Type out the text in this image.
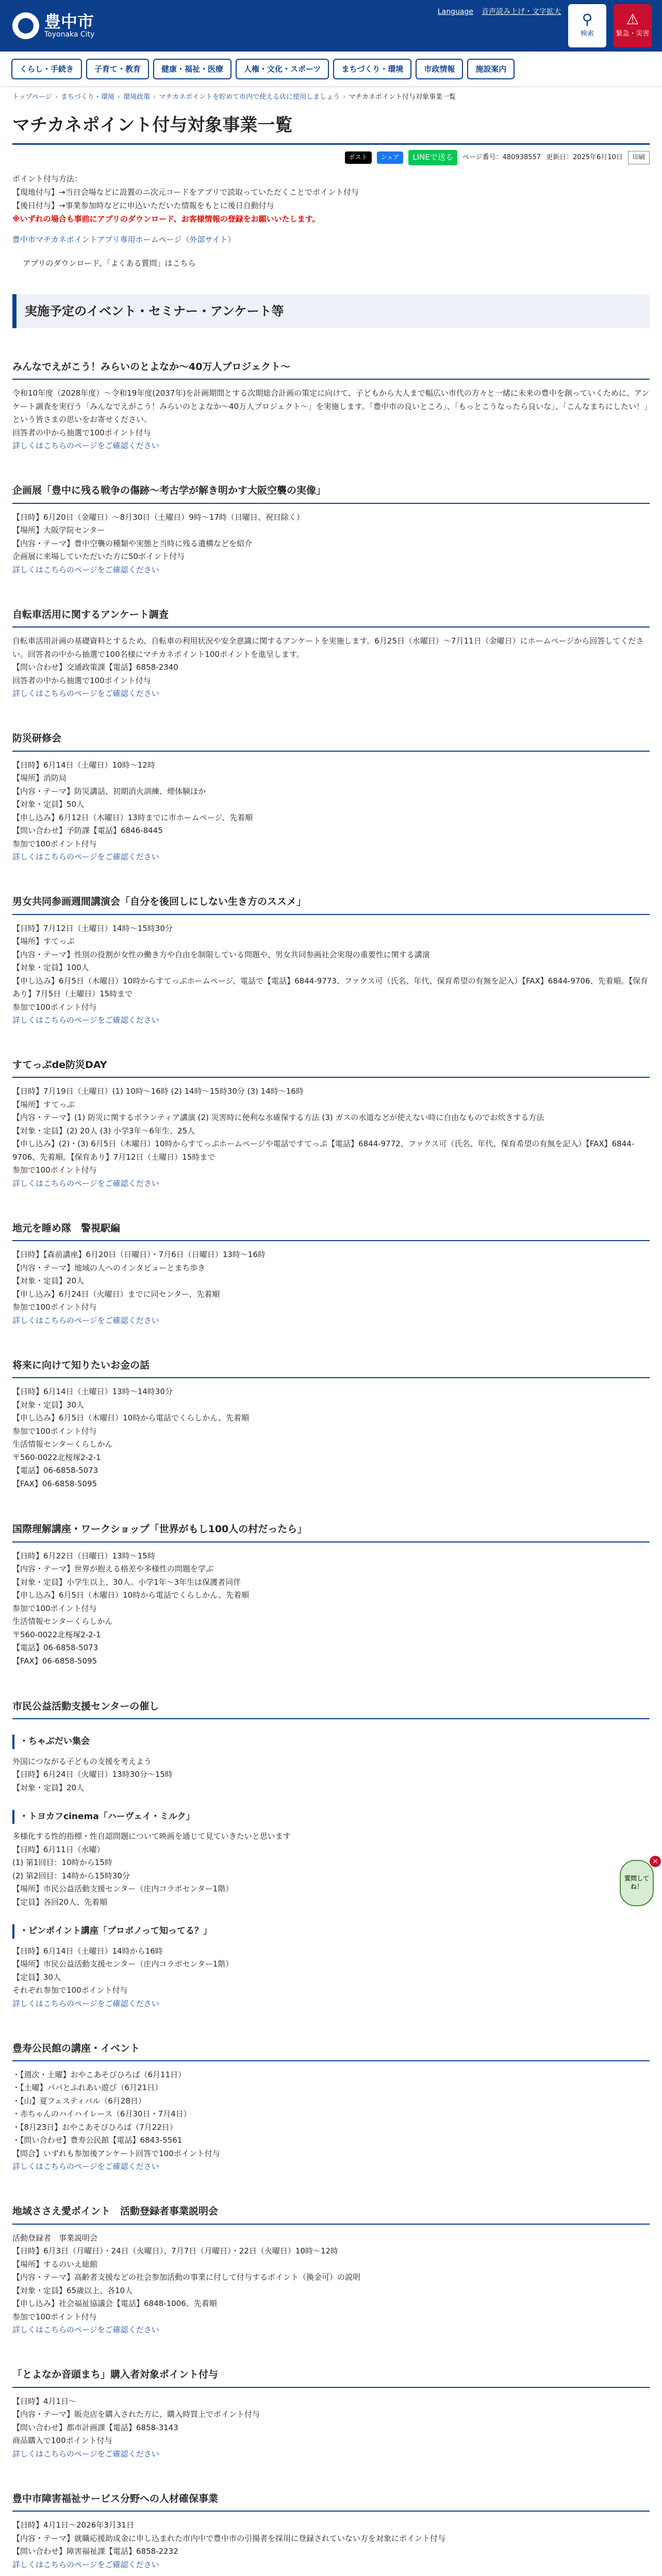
豊中市
Toyonaka City
Language 音声読み上げ・文字拡大 ⚲
検索
⚠
緊急・災害
くらし・手続き	子育て・教育	健康・福祉・医療	人権・文化・スポーツ	まちづくり・環境	市政情報	施設案内
トップページ › まちづくり・環境 › 環境政策 › マチカネポイントを貯めて市内で使える店に使用しましょう › マチカネポイント付与対象事業一覧
マチカネポイント付与対象事業一覧
ポスト	シェア	LINEで送る	ページ番号：480938557 更新日：2025年6月10日	印刷

ポイント付与方法：

【現地付与】→当日会場などに設置のニ次元コードをアプリで読取っていただくことでポイント付与

【後日付与】→事業参加時などに申込いただいた情報をもとに後日自動付与

※いずれの場合も事前にアプリのダウンロード、お客様情報の登録をお願いいたします。

豊中市マチカネポイントアプリ専用ホームページ（外部サイト）

アプリのダウンロード、「よくある質問」はこちら

実施予定のイベント・セミナー・アンケート等
みんなでえがこう！みらいのとよなか〜40万人プロジェクト〜

令和10年度（2028年度）〜令和19年度(2037年)を計画期間とする次期総合計画の策定に向けて、子どもから大人まで幅広い市代の方々と一緒に未来の豊中を創っていくために、アンケート調査を実行う「みんなでえがこう！みらいのとよなか〜40万人プロジェクト〜」を実施します。「豊中市の良いところ」、「もっとこうなったら良いな」、「こんなまちにしたい！」という皆さまの思いをお寄せください。

回答者の中から抽選で100ポイント付与

詳しくはこちらのページをご確認ください
企画展「豊中に残る戦争の傷跡〜考古学が解き明かす大阪空襲の実像」

【日時】6月20日（金曜日）〜8月30日（土曜日）9時〜17時（日曜日、祝日除く）

【場所】大阪学院センター

【内容・テーマ】豊中空襲の種類や実態と当時に残る遺構などを紹介

企画展に来場していただいた方に50ポイント付与

詳しくはこちらのページをご確認ください
自転車活用に関するアンケート調査

自転車活用計画の基礎資料とするため、自転車の利用状況や安全意識に関するアンケートを実施します。6月25日（水曜日）〜7月11日（金曜日）にホームページから回答してください。回答者の中から抽選で100名様にマチカネポイント100ポイントを進呈します。

【問い合わせ】交通政策課【電話】6858-2340

回答者の中から抽選で100ポイント付与

詳しくはこちらのページをご確認ください
防災研修会

【日時】6月14日（土曜日）10時〜12時

【場所】消防局

【内容・テーマ】防災講話、初期消火訓練、煙体験ほか

【対象・定員】50人

【申し込み】6月12日（木曜日）13時までに市ホームページ、先着順

【問い合わせ】予防課【電話】6846-8445

参加で100ポイント付与

詳しくはこちらのページをご確認ください
男女共同参画週間講演会「自分を後回しにしない生き方のススメ」

【日時】7月12日（土曜日）14時〜15時30分

【場所】すてっぷ

【内容・テーマ】性別の役割が女性の働き方や自由を制限している問題や、男女共同参画社会実現の重要性に関する講演

【対象・定員】100人

【申し込み】6月5日（木曜日）10時からすてっぷホームページ、電話で【電話】6844-9773、ファクス可（氏名、年代、保育希望の有無を記入）【FAX】6844-9706、先着順。【保育あり】7月5日（土曜日）15時まで

参加で100ポイント付与

詳しくはこちらのページをご確認ください
すてっぷde防災DAY

【日時】7月19日（土曜日）(1) 10時〜16時 (2) 14時〜15時30分 (3) 14時〜16時

【場所】すてっぷ

【内容・テーマ】(1) 防災に関するボランティア講演 (2) 災害時に便利な水確保する方法 (3) ガスの水道などが使えない時に自由なものでお炊きする方法

【対象・定員】(2) 20人 (3) 小学3年〜6年生、25人

【申し込み】(2)・(3) 6月5日（木曜日）10時からすてっぷホームページや電話ですてっぷ【電話】6844-9772、ファクス可（氏名、年代、保育希望の有無を記入）【FAX】6844-9706、先着順。【保育あり】7月12日（土曜日）15時まで

参加で100ポイント付与

詳しくはこちらのページをご確認ください
地元を睡め隊　警視駅編

【日時】【森前講座】6月20日（日曜日）・7月6日（日曜日）13時〜16時

【内容・テーマ】地域の人へのインタビューとまち歩き

【対象・定員】20人

【申し込み】6月24日（火曜日）までに同センター、先着順

参加で100ポイント付与

詳しくはこちらのページをご確認ください
将来に向けて知りたいお金の話

【日時】6月14日（土曜日）13時〜14時30分

【対象・定員】30人

【申し込み】6月5日（木曜日）10時から電話でくらしかん、先着順

参加で100ポイント付与

生活情報センターくらしかん

〒560-0022北桜塚2-2-1

【電話】06-6858-5073

【FAX】06-6858-5095

国際理解講座・ワークショップ「世界がもし100人の村だったら」

【日時】6月22日（日曜日）13時〜15時

【内容・テーマ】世界が抱える格差や多様性の問題を学ぶ

【対象・定員】小学生以上、30人。小学1年〜3年生は保護者同伴

【申し込み】6月5日（木曜日）10時から電話でくらしかん、先着順

参加で100ポイント付与

生活情報センターくらしかん

〒560-0022北桜塚2-2-1

【電話】06-6858-5073

【FAX】06-6858-5095

市民公益活動支援センターの催し
・ちゃぶだい集会

外国につながる子どもの支援を考えよう

【日時】6月24日（火曜日）13時30分〜15時

【対象・定員】20人

・トヨカフcinema「ハーヴェイ・ミルク」

多様化する性的指標・性自認問題について映画を通じて見ていきたいと思います

【日時】6月11日（水曜）

(1) 第1回目：10時から15時

(2) 第2回目：14時から15時30分

【場所】市民公益活動支援センター（庄内コラボセンター1階）

【定員】各回20人、先着順

・ピンポイント講座「プロボノって知ってる？」

【日時】6月14日（土曜日）14時から16時

【場所】市民公益活動支援センター（庄内コラボセンター1階）

【定員】30人

それぞれ参加で100ポイント付与

詳しくはこちらのページをご確認ください
豊寿公民館の講座・イベント

・【週次・土曜】おやこあそびひろば（6月11日）

・【土曜】パパとふれあい遊び（6月21日）

・【山】夏フェスティバル（6月28日）

・赤ちゃんのハイハイレース（6月30日・7月4日）

・【8月23日】おやこあそびひろば（7月22日）

・【問い合わせ】豊寿公民館【電話】6843-5561

【問合】いずれも参加後アンケート回答で100ポイント付与

詳しくはこちらのページをご確認ください
地域ささえ愛ポイント　活動登録者事業説明会

活動登録者　事業説明会

【日時】6月3日（月曜日）・24日（火曜日）、7月7日（月曜日）・22日（火曜日）10時〜12時

【場所】するのいえ総館

【内容・テーマ】高齢者支援などの社会参加活動の事業に付して付与するポイント（換金可）の説明

【対象・定員】65歳以上、各10人

【申し込み】社会福祉協議会【電話】6848-1006、先着順

参加で100ポイント付与

詳しくはこちらのページをご確認ください
「とよなか音頭まち」購入者対象ポイント付与

【日時】4月1日〜

【内容・テーマ】販売店を購入された方に、購入時買上でポイント付与

【問い合わせ】都市計画課【電話】6858-3143

商品購入で100ポイント付与

詳しくはこちらのページをご確認ください
豊中市障害福祉サービス分野への人材確保事業

【日時】4月1日〜2026年3月31日

【内容・テーマ】就職応援助成金に申し込まれた市内中で豊中市の引揚者を採用に登録されていない方を対象にポイント付与

【問い合わせ】障害福祉課【電話】6858-2232

詳しくはこちらのページをご確認ください

×
質問してね！
